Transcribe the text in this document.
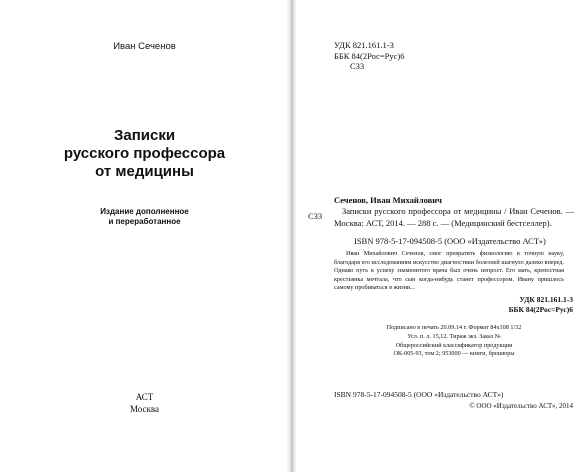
Иван Сеченов
Записки
русского профессора
от медицины
Издание дополненное
и переработанное
АСТ
Москва
УДК 821.161.1-3
ББК 84(2Рос=Рус)6
С33
С33
Сеченов, Иван Михайлович
Записки русского профессора от медицины / Иван Сеченов. — Москва: АСТ, 2014. — 288 с. — (Медицинский бестселлер).
ISBN 978-5-17-094508-5 (ООО «Издательство АСТ»)
Иван Михайлович Сеченов, смог превратить физиологию в точную науку, благодаря его исследованиям искусство диагностики болезней шагнуло далеко вперед. Однако путь к успеху знаменитого врача был очень непрост. Его мать, крепостная крестьянка мечтала, что сын когда-нибудь станет профессором. Ивану пришлось самому пробиваться в жизни...
УДК 821.161.1-3
ББК 84(2Рос=Рус)6
Подписано в печать 20.09.14 г. Формат 84х108 1/32
Усл. п. л. 15,12. Тираж экз. Заказ №
Общероссийский классификатор продукции
ОК-005-93, том 2; 953000 — книги, брошюры
ISBN 978-5-17-094508-5 (ООО «Издательство АСТ»)
© ООО «Издательство АСТ», 2014
